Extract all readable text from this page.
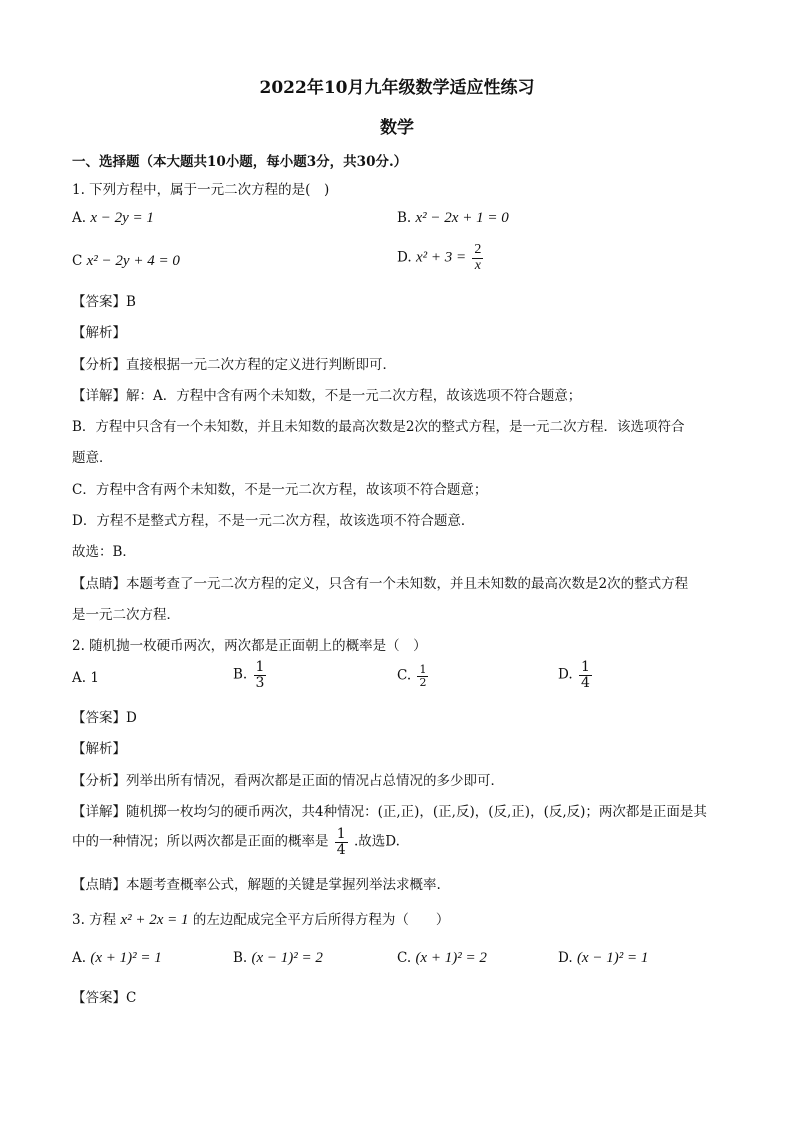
2022年10月九年级数学适应性练习
数学
一、选择题（本大题共10小题，每小题3分，共30分.）
1. 下列方程中，属于一元二次方程的是(　)
A. x − 2y = 1	B. x² − 2x + 1 = 0
C x² − 2y + 4 = 0	D. $x^2 + 3 = \frac{2}{x}$
【答案】B
【解析】
【分析】直接根据一元二次方程的定义进行判断即可．
【详解】解：A．方程中含有两个未知数，不是一元二次方程，故该选项不符合题意；
B．方程中只含有一个未知数，并且未知数的最高次数是2次的整式方程，是一元二次方程．该选项符合
题意．
C．方程中含有两个未知数，不是一元二次方程，故该项不符合题意；
D．方程不是整式方程，不是一元二次方程，故该选项不符合题意．
故选：B．
【点睛】本题考查了一元二次方程的定义，只含有一个未知数，并且未知数的最高次数是2次的整式方程
是一元二次方程．
2. 随机抛一枚硬币两次，两次都是正面朝上的概率是（　）
A. 1	B. $\frac{1}{3}$	C. $\frac{1}{2}$	D. $\frac{1}{4}$
【答案】D
【解析】
【分析】列举出所有情况，看两次都是正面的情况占总情况的多少即可．
【详解】随机掷一枚均匀的硬币两次，共4种情况：(正,正)，(正,反)，(反,正)，(反,反)；两次都是正面是其
中的一种情况；所以两次都是正面的概率是 $\frac{1}{4}$ .故选D.
【点睛】本题考查概率公式，解题的关键是掌握列举法求概率.
3. 方程 x² + 2x = 1 的左边配成完全平方后所得方程为（　　）
A. (x + 1)² = 1	B. (x − 1)² = 2	C. (x + 1)² = 2	D. (x − 1)² = 1
【答案】C
